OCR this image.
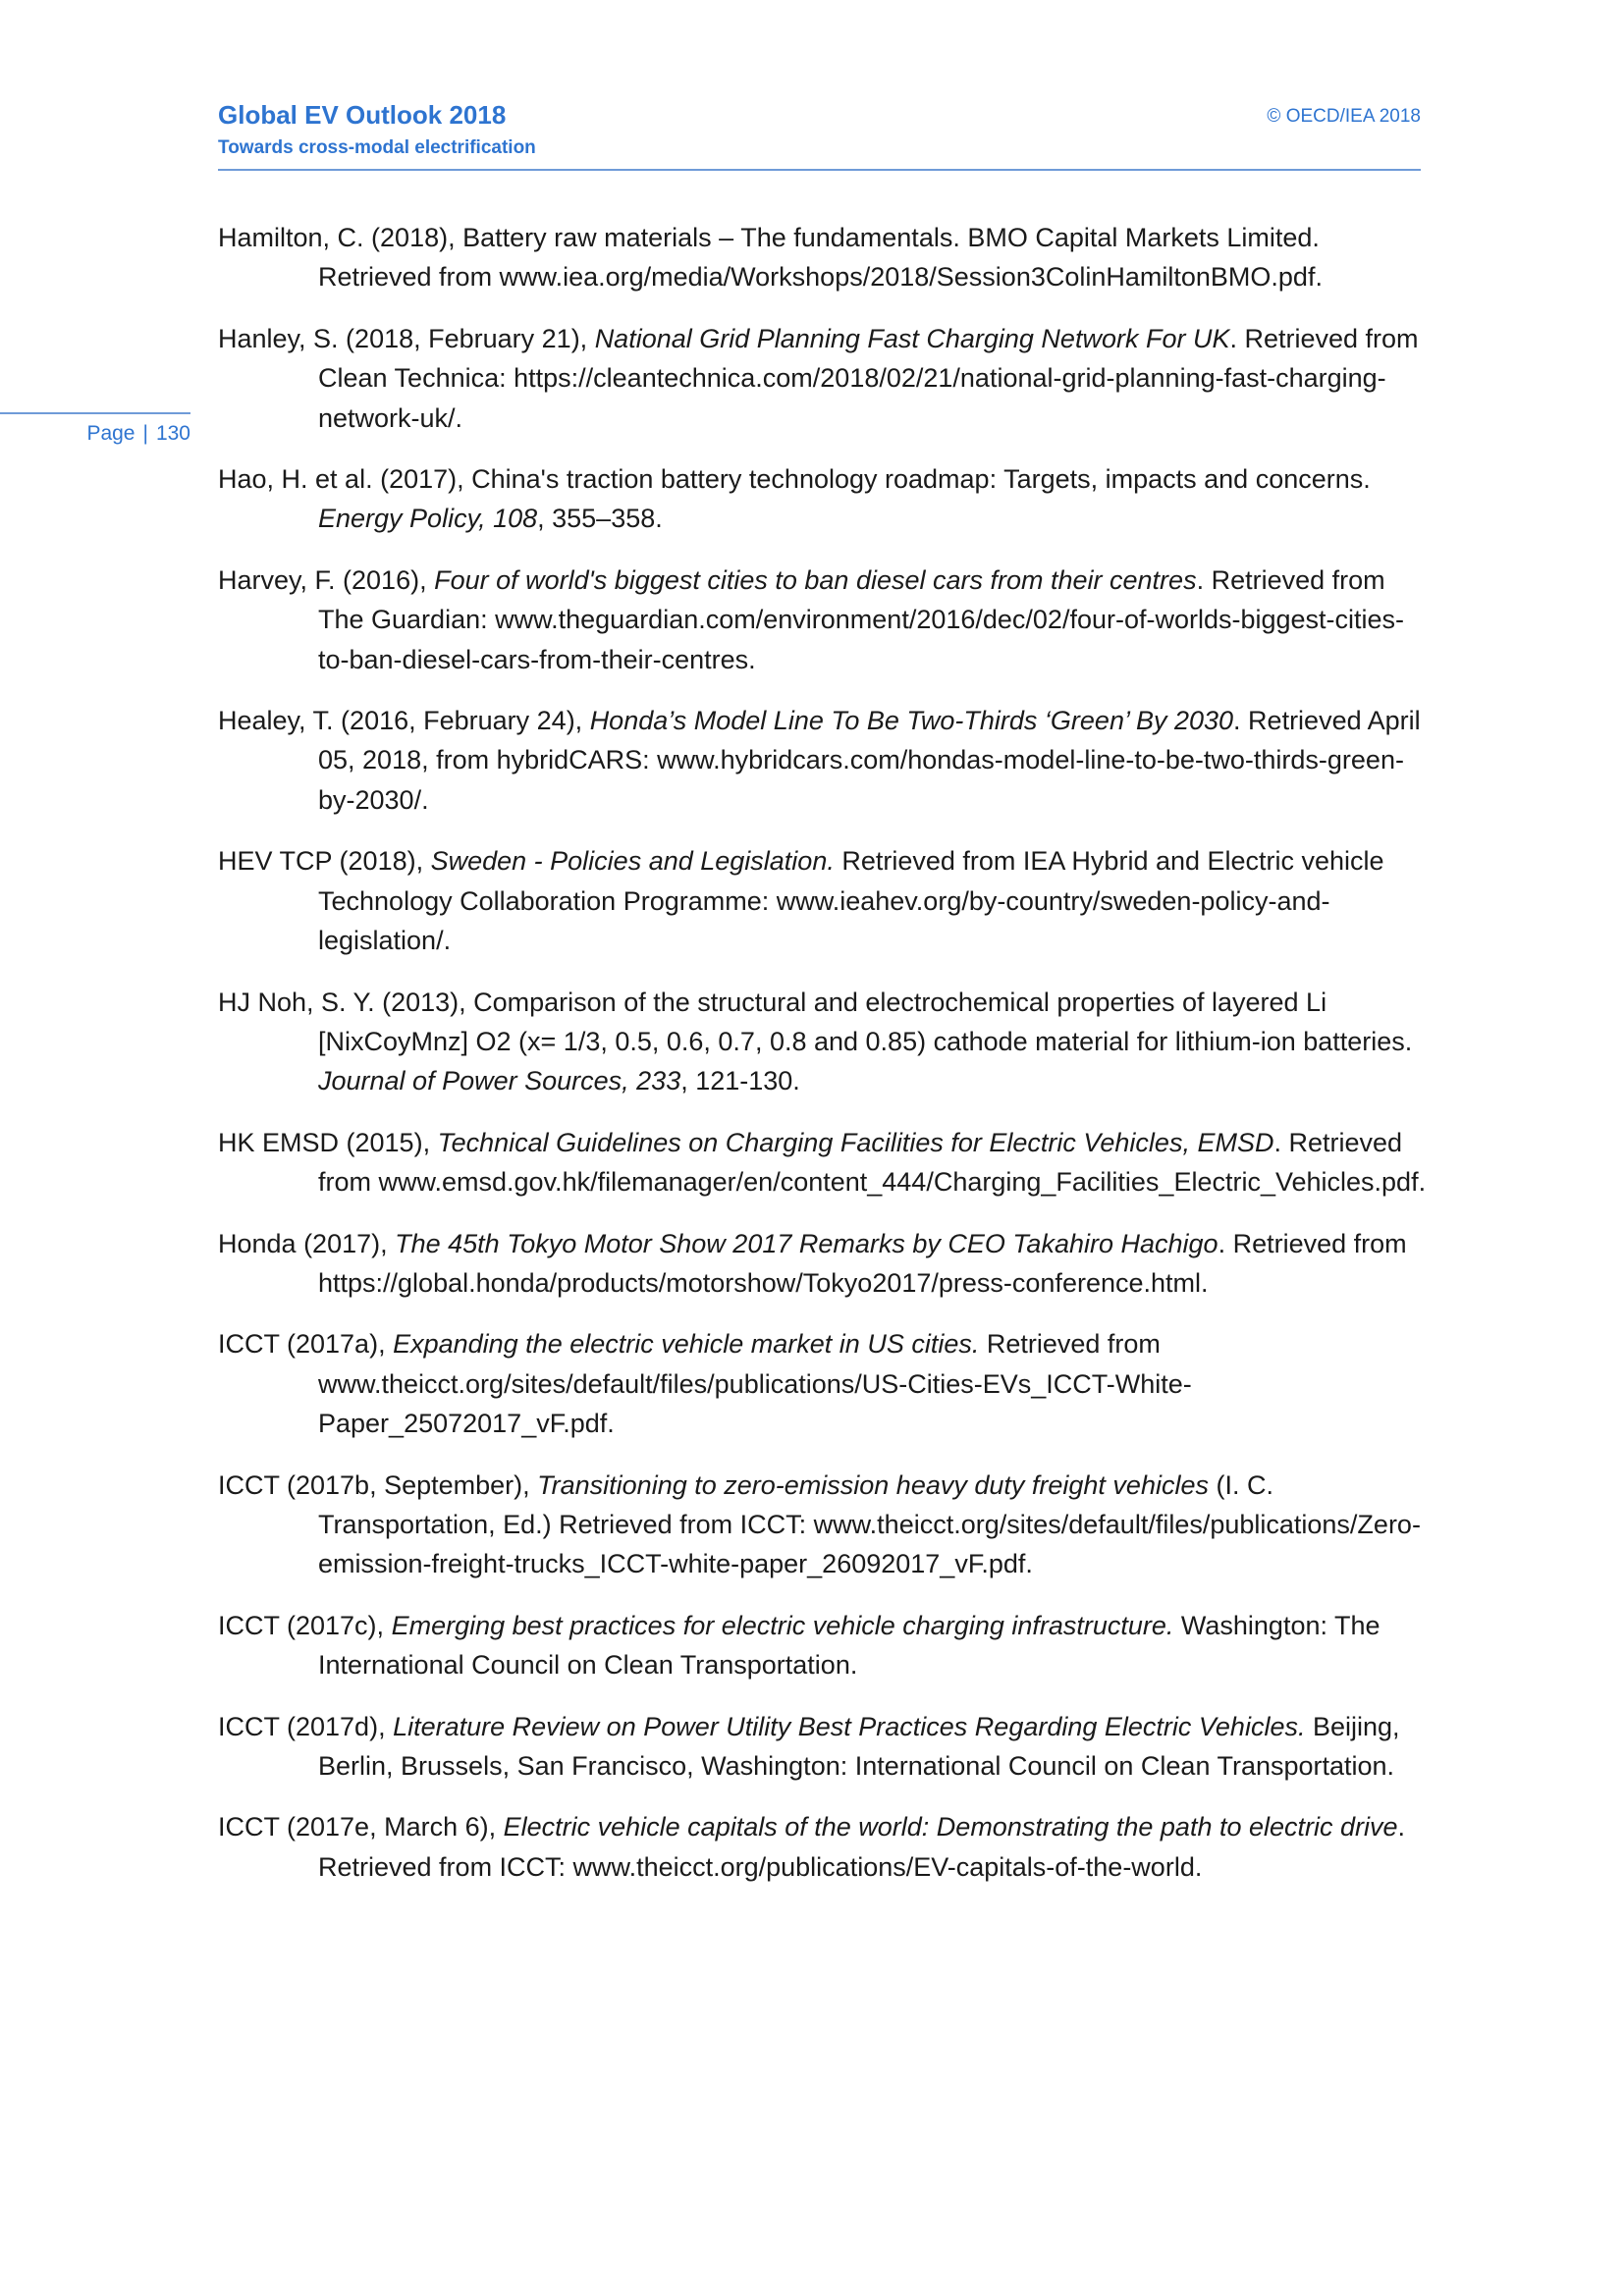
Global EV Outlook 2018
Towards cross-modal electrification
© OECD/IEA 2018
Page | 130

Hamilton, C. (2018), Battery raw materials – The fundamentals. BMO Capital Markets Limited. Retrieved from www.iea.org/media/Workshops/2018/Session3ColinHamiltonBMO.pdf.

Hanley, S. (2018, February 21), National Grid Planning Fast Charging Network For UK. Retrieved from Clean Technica: https://cleantechnica.com/2018/02/21/national-grid-planning-fast-charging-network-uk/.

Hao, H. et al. (2017), China's traction battery technology roadmap: Targets, impacts and concerns. Energy Policy, 108, 355–358.

Harvey, F. (2016), Four of world's biggest cities to ban diesel cars from their centres. Retrieved from The Guardian: www.theguardian.com/environment/2016/dec/02/four-of-worlds-biggest-cities-to-ban-diesel-cars-from-their-centres.

Healey, T. (2016, February 24), Honda’s Model Line To Be Two-Thirds ‘Green’ By 2030. Retrieved April 05, 2018, from hybridCARS: www.hybridcars.com/hondas-model-line-to-be-two-thirds-green-by-2030/.

HEV TCP (2018), Sweden - Policies and Legislation. Retrieved from IEA Hybrid and Electric vehicle Technology Collaboration Programme: www.ieahev.org/by-country/sweden-policy-and-legislation/.

HJ Noh, S. Y. (2013), Comparison of the structural and electrochemical properties of layered Li [NixCoyMnz] O2 (x= 1/3, 0.5, 0.6, 0.7, 0.8 and 0.85) cathode material for lithium-ion batteries. Journal of Power Sources, 233, 121-130.

HK EMSD (2015), Technical Guidelines on Charging Facilities for Electric Vehicles, EMSD. Retrieved from www.emsd.gov.hk/filemanager/en/content_444/Charging_Facilities_Electric_Vehicles.pdf.

Honda (2017), The 45th Tokyo Motor Show 2017 Remarks by CEO Takahiro Hachigo. Retrieved from https://global.honda/products/motorshow/Tokyo2017/press-conference.html.

ICCT (2017a), Expanding the electric vehicle market in US cities. Retrieved from www.theicct.org/sites/default/files/publications/US-Cities-EVs_ICCT-White-Paper_25072017_vF.pdf.

ICCT (2017b, September), Transitioning to zero-emission heavy duty freight vehicles (I. C. Transportation, Ed.) Retrieved from ICCT: www.theicct.org/sites/default/files/publications/Zero-emission-freight-trucks_ICCT-white-paper_26092017_vF.pdf.

ICCT (2017c), Emerging best practices for electric vehicle charging infrastructure. Washington: The International Council on Clean Transportation.

ICCT (2017d), Literature Review on Power Utility Best Practices Regarding Electric Vehicles. Beijing, Berlin, Brussels, San Francisco, Washington: International Council on Clean Transportation.

ICCT (2017e, March 6), Electric vehicle capitals of the world: Demonstrating the path to electric drive. Retrieved from ICCT: www.theicct.org/publications/EV-capitals-of-the-world.
